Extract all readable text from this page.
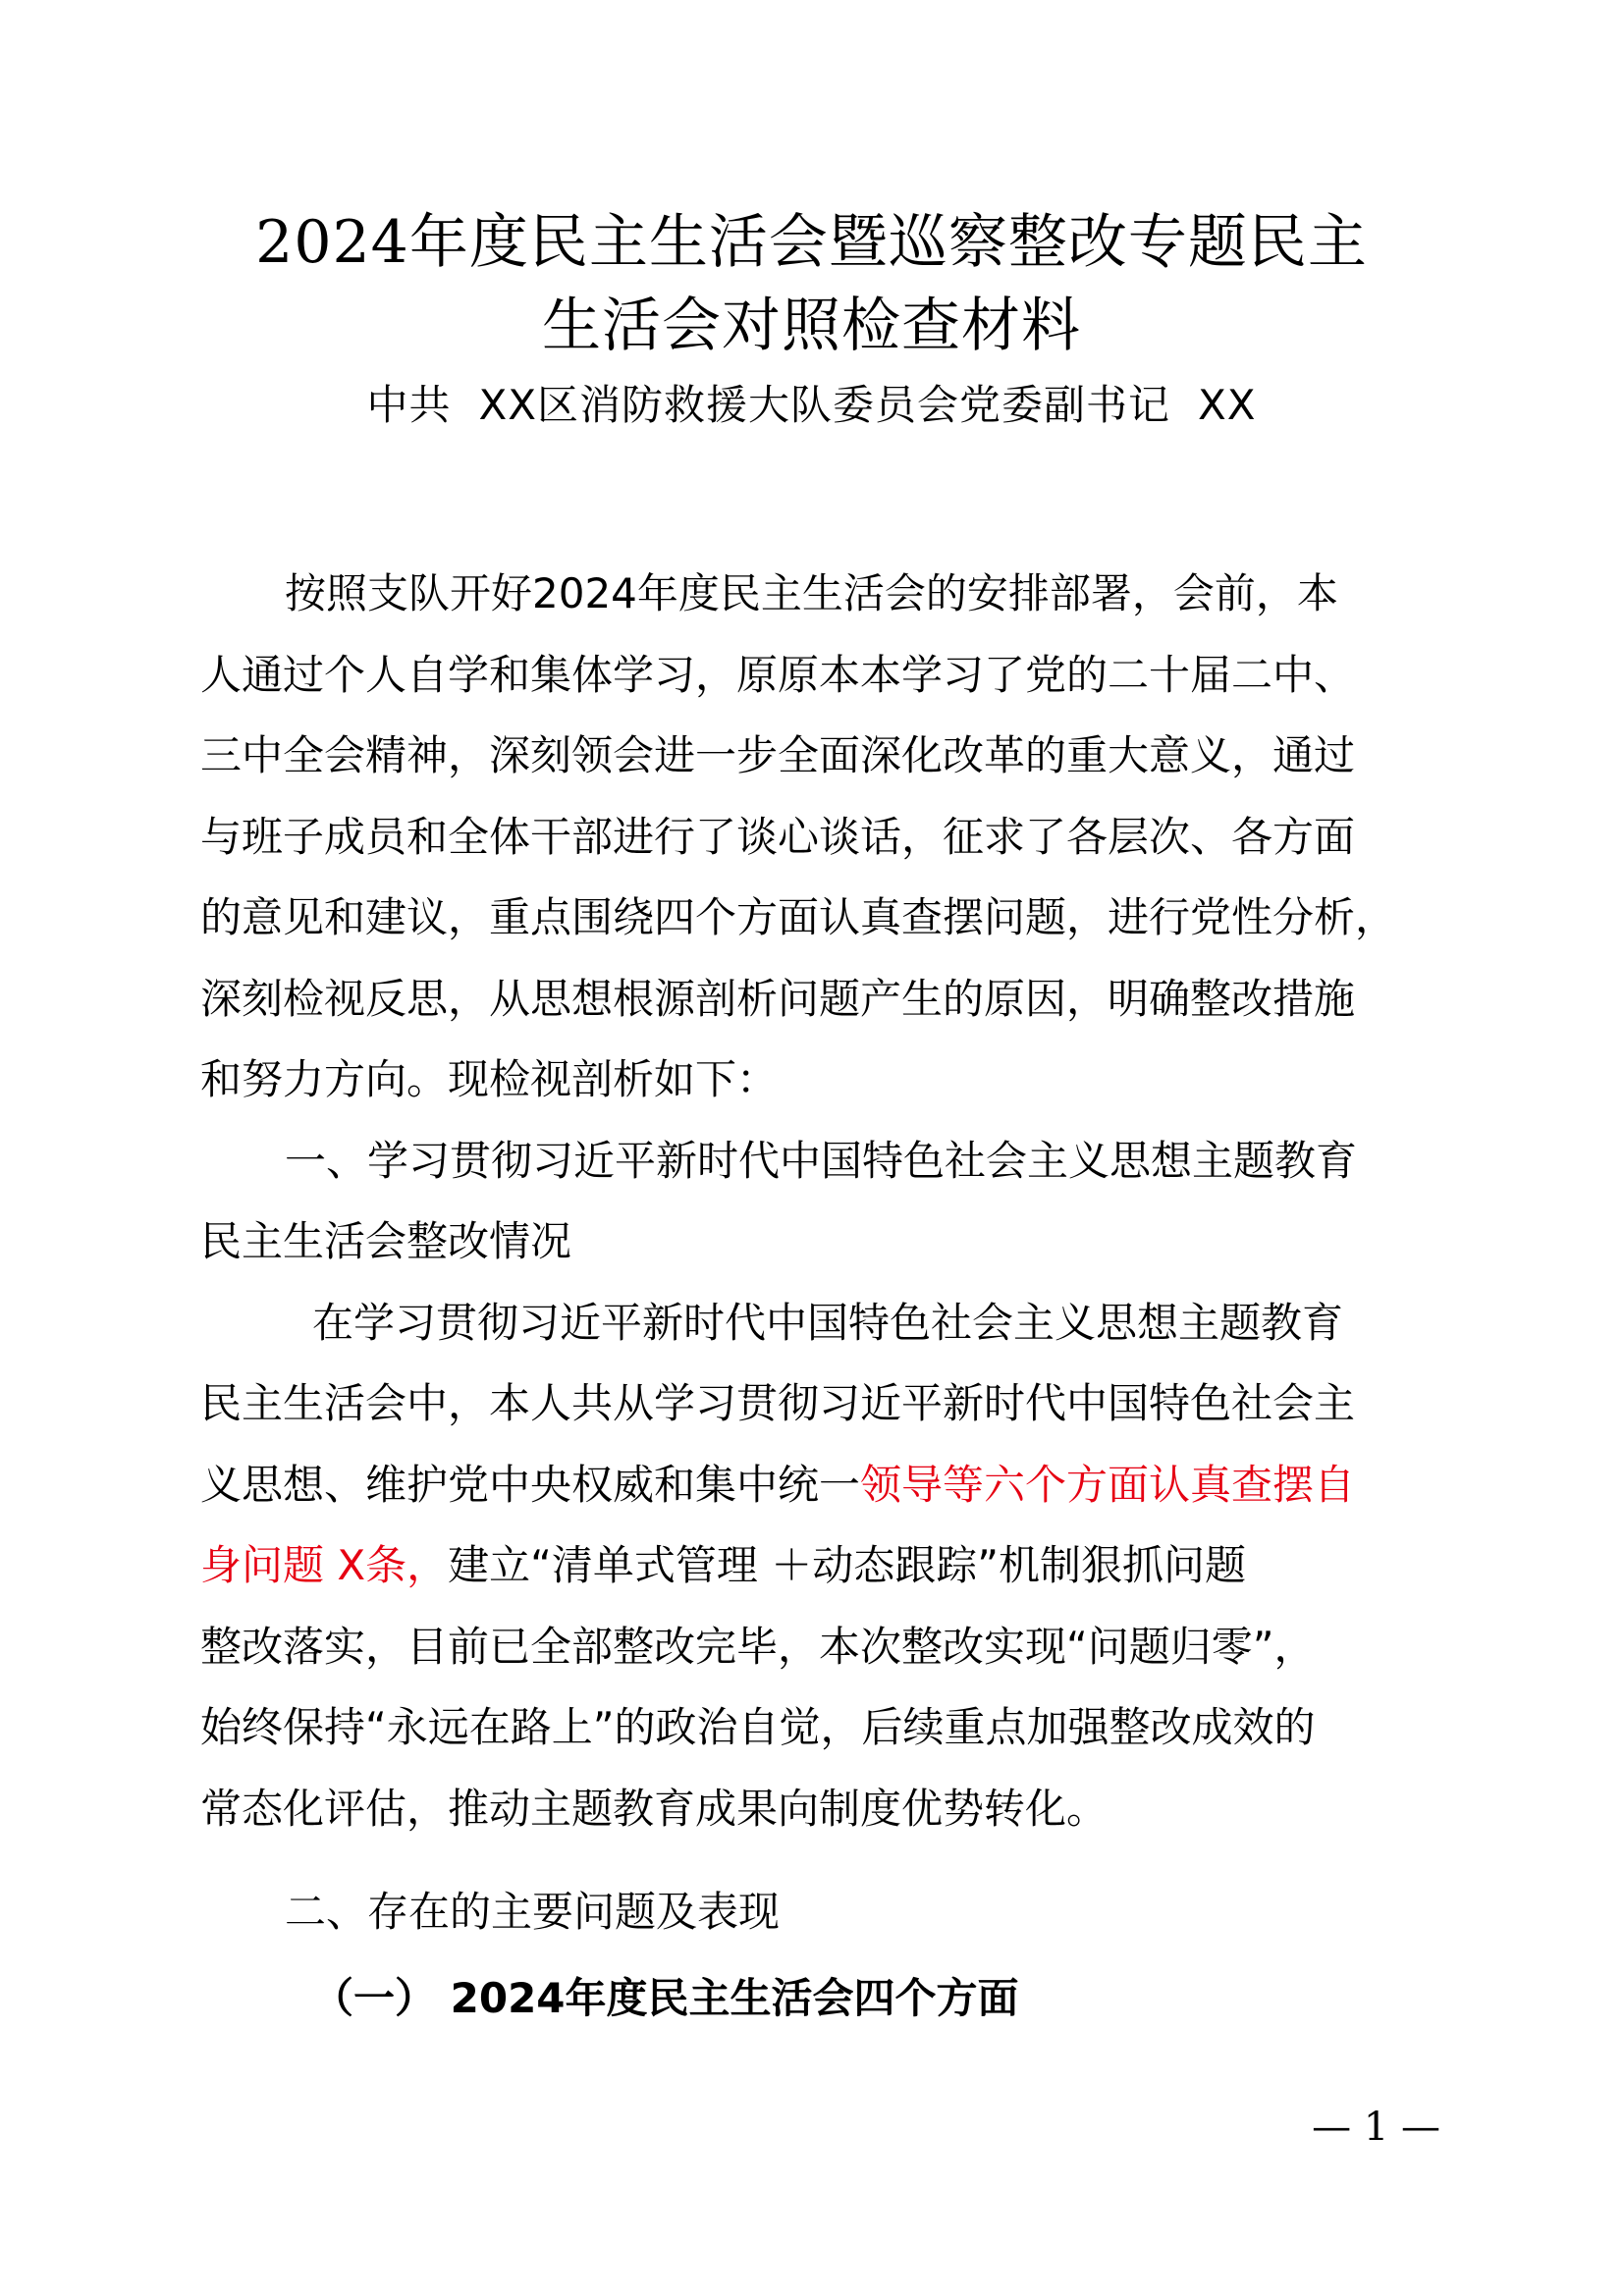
2024年度民主生活会暨巡察整改专题民主
生活会对照检查材料
中共 XX区消防救援大队委员会党委副书记 XX
按照支队开好2024年度民主生活会的安排部署，会前，本
人通过个人自学和集体学习，原原本本学习了党的二十届二中、
三中全会精神，深刻领会进一步全面深化改革的重大意义，通过
与班子成员和全体干部进行了谈心谈话，征求了各层次、各方面
的意见和建议，重点围绕四个方面认真查摆问题，进行党性分析，
深刻检视反思，从思想根源剖析问题产生的原因，明确整改措施
和努力方向。现检视剖析如下：
一、学习贯彻习近平新时代中国特色社会主义思想主题教育
民主生活会整改情况
在学习贯彻习近平新时代中国特色社会主义思想主题教育
民主生活会中，本人共从学习贯彻习近平新时代中国特色社会主
义思想、维护党中央权威和集中统一领导等六个方面认真查摆自
身问题 X条，建立“清单式管理 ＋动态跟踪”机制狠抓问题
整改落实，目前已全部整改完毕，本次整改实现“问题归零”，
始终保持“永远在路上”的政治自觉，后续重点加强整改成效的
常态化评估，推动主题教育成果向制度优势转化。
二、存在的主要问题及表现
（一） 2024年度民主生活会四个方面
— 1 —
